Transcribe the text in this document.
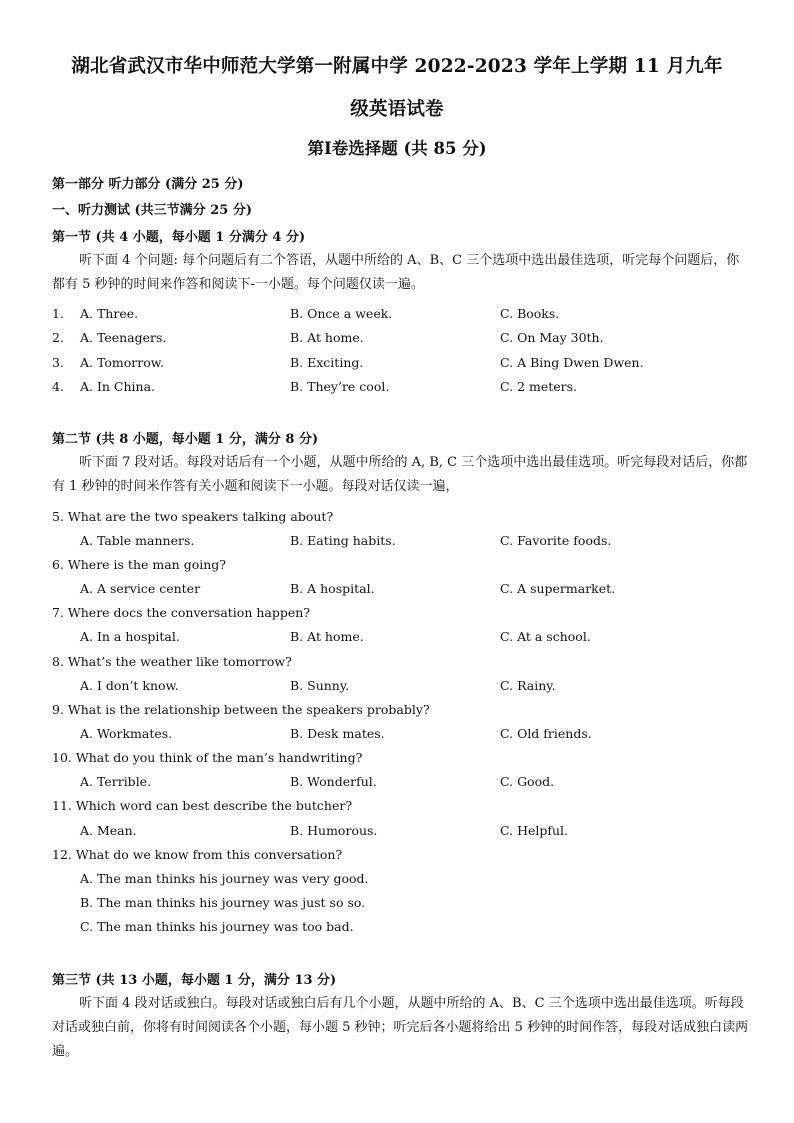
湖北省武汉市华中师范大学第一附属中学 2022-2023 学年上学期 11 月九年
级英语试卷
第Ⅰ卷选择题 (共 85 分)
第一部分 听力部分 (满分 25 分)
一、听力测试 (共三节满分 25 分)
第一节 (共 4 小题，每小题 1 分满分 4 分)
听下面 4 个问题: 每个问题后有二个答语，从题中所给的 A、B、C 三个选项中选出最佳选项，听完每个问题后，你都有 5 秒钟的时间来作答和阅读下-一小题。每个问题仅读一遍。
1. A. Three.	B. Once a week.	C. Books.
2. A. Teenagers.	B. At home.	C. On May 30th.
3. A. Tomorrow.	B. Exciting.	C. A Bing Dwen Dwen.
4. A. In China.	B. They’re cool.	C. 2 meters.
第二节 (共 8 小题，每小题 1 分，满分 8 分)
听下面 7 段对话。每段对话后有一个小题，从题中所给的 A, B, C 三个选项中选出最佳选项。听完每段对话后，你都有 1 秒钟的时间米作答有关小题和阅读下一小题。每段对话仅读一遍，
5. What are the two speakers talking about?
A. Table manners.	B. Eating habits.	C. Favorite foods.
6. Where is the man going?
A. A service center	B. A hospital.	C. A supermarket.
7. Where docs the conversation happen?
A. In a hospital.	B. At home.	C. At a school.
8. What’s the weather like tomorrow?
A. I don’t know.	B. Sunny.	C. Rainy.
9. What is the relationship between the speakers probably?
A. Workmates.	B. Desk mates.	C. Old friends.
10. What do you think of the man’s handwriting?
A. Terrible.	B. Wonderful.	C. Good.
11. Which word can best describe the butcher?
A. Mean.	B. Humorous.	C. Helpful.
12. What do we know from this conversation?
A. The man thinks his journey was very good.
B. The man thinks his journey was just so so.
C. The man thinks his journey was too bad.
第三节 (共 13 小题，每小题 1 分，满分 13 分)
听下面 4 段对话或独白。每段对话或独白后有几个小题，从题中所给的 A、B、C 三个选项中选出最佳选项。听每段对话或独白前，你将有时间阅读各个小题，每小题 5 秒钟；听完后各小题将给出 5 秒钟的时间作答，每段对话成独白读两遍。
